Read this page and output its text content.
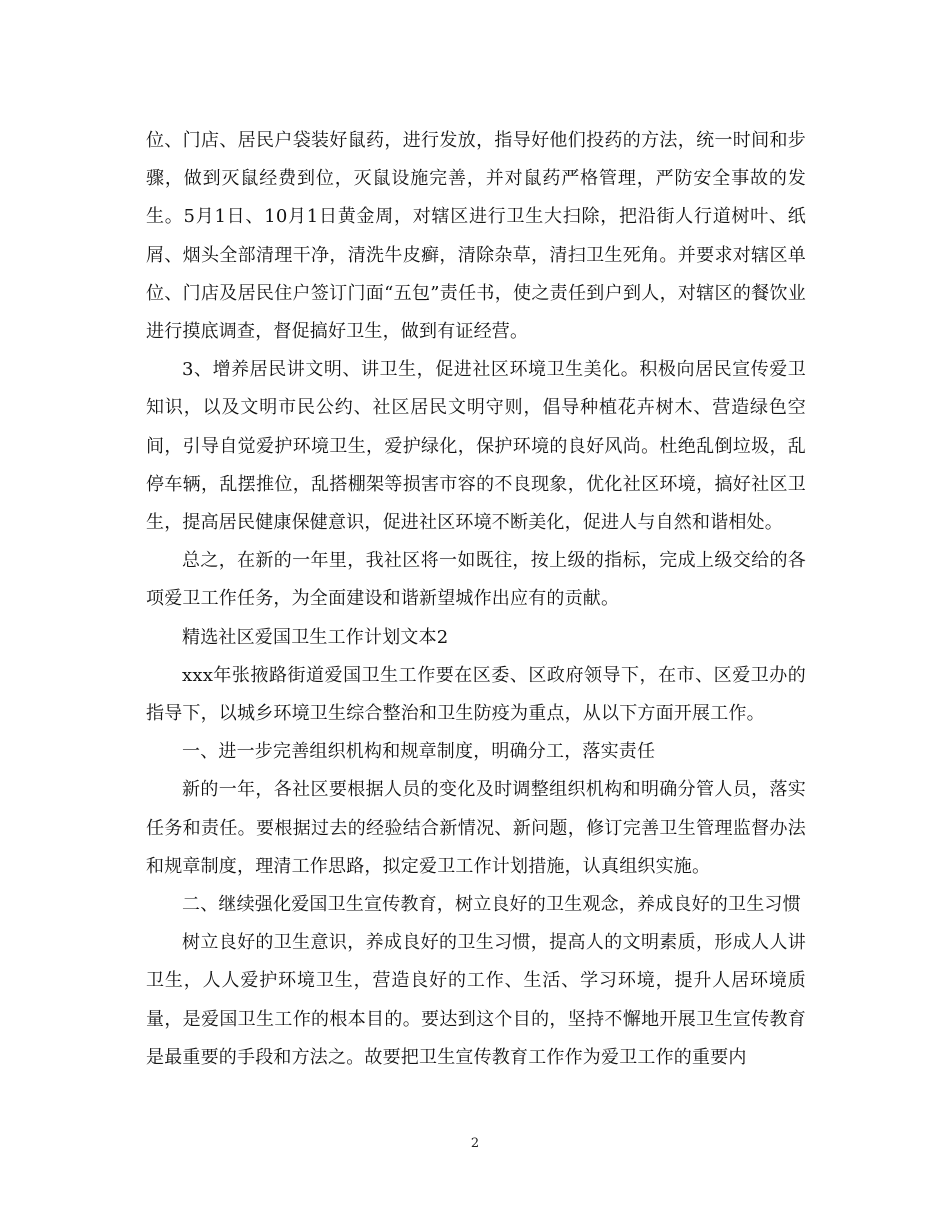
位、门店、居民户袋装好鼠药，进行发放，指导好他们投药的方法，统一时间和步骤，做到灭鼠经费到位，灭鼠设施完善，并对鼠药严格管理，严防安全事故的发生。5月1日、10月1日黄金周，对辖区进行卫生大扫除，把沿街人行道树叶、纸屑、烟头全部清理干净，清洗牛皮癣，清除杂草，清扫卫生死角。并要求对辖区单位、门店及居民住户签订门面“五包”责任书，使之责任到户到人，对辖区的餐饮业进行摸底调查，督促搞好卫生，做到有证经营。

3、增养居民讲文明、讲卫生，促进社区环境卫生美化。积极向居民宣传爱卫知识，以及文明市民公约、社区居民文明守则，倡导种植花卉树木、营造绿色空间，引导自觉爱护环境卫生，爱护绿化，保护环境的良好风尚。杜绝乱倒垃圾，乱停车辆，乱摆推位，乱搭棚架等损害市容的不良现象，优化社区环境，搞好社区卫生，提高居民健康保健意识，促进社区环境不断美化，促进人与自然和谐相处。

总之，在新的一年里，我社区将一如既往，按上级的指标，完成上级交给的各项爱卫工作任务，为全面建设和谐新望城作出应有的贡献。

精选社区爱国卫生工作计划文本2

xxx年张掖路街道爱国卫生工作要在区委、区政府领导下，在市、区爱卫办的指导下，以城乡环境卫生综合整治和卫生防疫为重点，从以下方面开展工作。

一、进一步完善组织机构和规章制度，明确分工，落实责任

新的一年，各社区要根据人员的变化及时调整组织机构和明确分管人员，落实任务和责任。要根据过去的经验结合新情况、新问题，修订完善卫生管理监督办法和规章制度，理清工作思路，拟定爱卫工作计划措施，认真组织实施。

二、继续强化爱国卫生宣传教育，树立良好的卫生观念，养成良好的卫生习惯

树立良好的卫生意识，养成良好的卫生习惯，提高人的文明素质，形成人人讲卫生，人人爱护环境卫生，营造良好的工作、生活、学习环境，提升人居环境质量，是爱国卫生工作的根本目的。要达到这个目的，坚持不懈地开展卫生宣传教育是最重要的手段和方法之。故要把卫生宣传教育工作作为爱卫工作的重要内

2
